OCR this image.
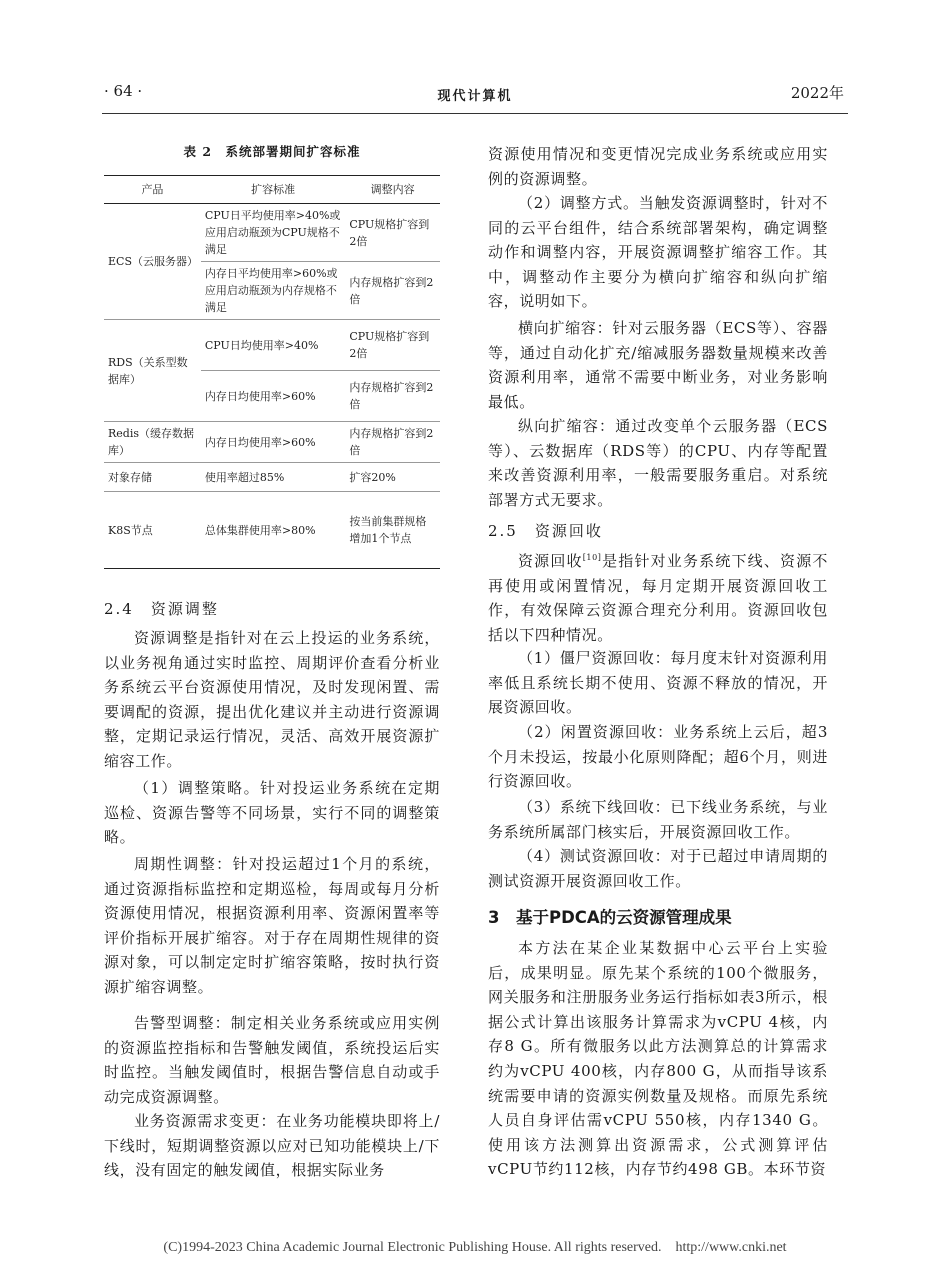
· 64 ·	现代计算机	2022年
表 2　系统部署期间扩容标准
产品	扩容标准	调整内容
ECS（云服务器）	CPU日平均使用率>40%或应用启动瓶颈为CPU规格不满足	CPU规格扩容到2倍
	内存日平均使用率>60%或应用启动瓶颈为内存规格不满足	内存规格扩容到2倍
RDS（关系型数据库）	CPU日均使用率>40%	CPU规格扩容到2倍
	内存日均使用率>60%	内存规格扩容到2倍
Redis（缓存数据库）	内存日均使用率>60%	内存规格扩容到2倍
对象存储	使用率超过85%	扩容20%
K8S节点	总体集群使用率>80%	按当前集群规格增加1个节点
2.4　资源调整
资源调整是指针对在云上投运的业务系统，以业务视角通过实时监控、周期评价查看分析业务系统云平台资源使用情况，及时发现闲置、需要调配的资源，提出优化建议并主动进行资源调整，定期记录运行情况，灵活、高效开展资源扩缩容工作。
（1）调整策略。针对投运业务系统在定期巡检、资源告警等不同场景，实行不同的调整策略。
周期性调整：针对投运超过1个月的系统，通过资源指标监控和定期巡检，每周或每月分析资源使用情况，根据资源利用率、资源闲置率等评价指标开展扩缩容。对于存在周期性规律的资源对象，可以制定定时扩缩容策略，按时执行资源扩缩容调整。
告警型调整：制定相关业务系统或应用实例的资源监控指标和告警触发阈值，系统投运后实时监控。当触发阈值时，根据告警信息自动或手动完成资源调整。
业务资源需求变更：在业务功能模块即将上/下线时，短期调整资源以应对已知功能模块上/下线，没有固定的触发阈值，根据实际业务
资源使用情况和变更情况完成业务系统或应用实例的资源调整。
（2）调整方式。当触发资源调整时，针对不同的云平台组件，结合系统部署架构，确定调整动作和调整内容，开展资源调整扩缩容工作。其中，调整动作主要分为横向扩缩容和纵向扩缩容，说明如下。
横向扩缩容：针对云服务器（ECS等）、容器等，通过自动化扩充/缩减服务器数量规模来改善资源利用率，通常不需要中断业务，对业务影响最低。
纵向扩缩容：通过改变单个云服务器（ECS等）、云数据库（RDS等）的CPU、内存等配置来改善资源利用率，一般需要服务重启。对系统部署方式无要求。
2.5　资源回收
资源回收[10]是指针对业务系统下线、资源不再使用或闲置情况，每月定期开展资源回收工作，有效保障云资源合理充分利用。资源回收包括以下四种情况。
（1）僵尸资源回收：每月度末针对资源利用率低且系统长期不使用、资源不释放的情况，开展资源回收。
（2）闲置资源回收：业务系统上云后，超3个月未投运，按最小化原则降配；超6个月，则进行资源回收。
（3）系统下线回收：已下线业务系统，与业务系统所属部门核实后，开展资源回收工作。
（4）测试资源回收：对于已超过申请周期的测试资源开展资源回收工作。
3　基于PDCA的云资源管理成果
本方法在某企业某数据中心云平台上实验后，成果明显。原先某个系统的100个微服务，网关服务和注册服务业务运行指标如表3所示，根据公式计算出该服务计算需求为vCPU 4核，内存8 G。所有微服务以此方法测算总的计算需求约为vCPU 400核，内存800 G，从而指导该系统需要申请的资源实例数量及规格。而原先系统人员自身评估需vCPU 550核，内存1340 G。使用该方法测算出资源需求，公式测算评估vCPU节约112核，内存节约498 GB。本环节资
(C)1994-2023 China Academic Journal Electronic Publishing House. All rights reserved.　http://www.cnki.net
